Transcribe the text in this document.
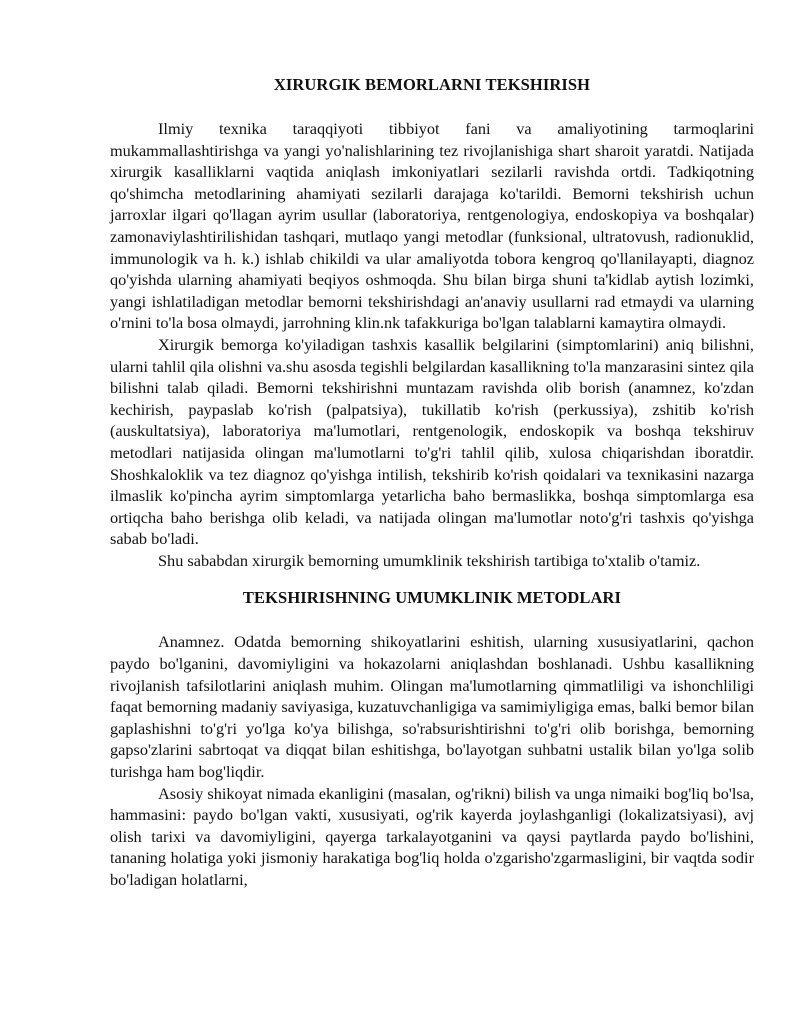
XIRURGIK BEMORLARNI TEKSHIRISH

Ilmiy texnika taraqqiyoti tibbiyot fani va amaliyotining tarmoqlarini mukammallashtirishga va yangi yo'nalishlarining tez rivojlanishiga shart sharoit yaratdi. Natijada xirurgik kasalliklarni vaqtida aniqlash imkoniyatlari sezilarli ravishda ortdi. Tadkiqotning qo'shimcha metodlarining ahamiyati sezilarli darajaga ko'tarildi. Bemorni tekshirish uchun jarroxlar ilgari qo'llagan ayrim usullar (laboratoriya, rentgenologiya, endoskopiya va boshqalar) zamonaviylashtirilishidan tashqari, mutlaqo yangi metodlar (funksional, ultratovush, radionuklid, immunologik va h. k.) ishlab chikildi va ular amaliyotda tobora kengroq qo'llanilayapti, diagnoz qo'yishda ularning ahamiyati beqiyos oshmoqda. Shu bilan birga shuni ta'kidlab aytish lozimki, yangi ishlatiladigan metodlar bemorni tekshirishdagi an'anaviy usullarni rad etmaydi va ularning o'rnini to'la bosa olmaydi, jarrohning klin.nk tafakkuriga bo'lgan talablarni kamaytira olmaydi.

Xirurgik bemorga ko'yiladigan tashxis kasallik belgilarini (simptomlarini) aniq bilishni, ularni tahlil qila olishni va.shu asosda tegishli belgilardan kasallikning to'la manzarasini sintez qila bilishni talab qiladi. Bemorni tekshirishni muntazam ravishda olib borish (anamnez, ko'zdan kechirish, paypaslab ko'rish (palpatsiya), tukillatib ko'rish (perkussiya), zshitib ko'rish (auskultatsiya), laboratoriya ma'lumotlari, rentgenologik, endoskopik va boshqa tekshiruv metodlari natijasida olingan ma'lumotlarni to'g'ri tahlil qilib, xulosa chiqarishdan iboratdir. Shoshkaloklik va tez diagnoz qo'yishga intilish, tekshirib ko'rish qoidalari va texnikasini nazarga ilmaslik ko'pincha ayrim simptomlarga yetarlicha baho bermaslikka, boshqa simptomlarga esa ortiqcha baho berishga olib keladi, va natijada olingan ma'lumotlar noto'g'ri tashxis qo'yishga sabab bo'ladi.

Shu sababdan xirurgik bemorning umumklinik tekshirish tartibiga to'xtalib o'tamiz.

TEKSHIRISHNING UMUMKLINIK METODLARI

Anamnez. Odatda bemorning shikoyatlarini eshitish, ularning xususiyatlarini, qachon paydo bo'lganini, davomiyligini va hokazolarni aniqlashdan boshlanadi. Ushbu kasallikning rivojlanish tafsilotlarini aniqlash muhim. Olingan ma'lumotlarning qimmatliligi va ishonchliligi faqat bemorning madaniy saviyasiga, kuzatuvchanligiga va samimiyligiga emas, balki bemor bilan gaplashishni to'g'ri yo'lga ko'ya bilishga, so'rabsurishtirishni to'g'ri olib borishga, bemorning gapso'zlarini sabrtoqat va diqqat bilan eshitishga, bo'layotgan suhbatni ustalik bilan yo'lga solib turishga ham bog'liqdir.

Asosiy shikoyat nimada ekanligini (masalan, og'rikni) bilish va unga nimaiki bog'liq bo'lsa, hammasini: paydo bo'lgan vakti, xususiyati, og'rik kayerda joylashganligi (lokalizatsiyasi), avj olish tarixi va davomiyligini, qayerga tarkalayotganini va qaysi paytlarda paydo bo'lishini, tananing holatiga yoki jismoniy harakatiga bog'liq holda o'zgarisho'zgarmasligini, bir vaqtda sodir bo'ladigan holatlarni,
